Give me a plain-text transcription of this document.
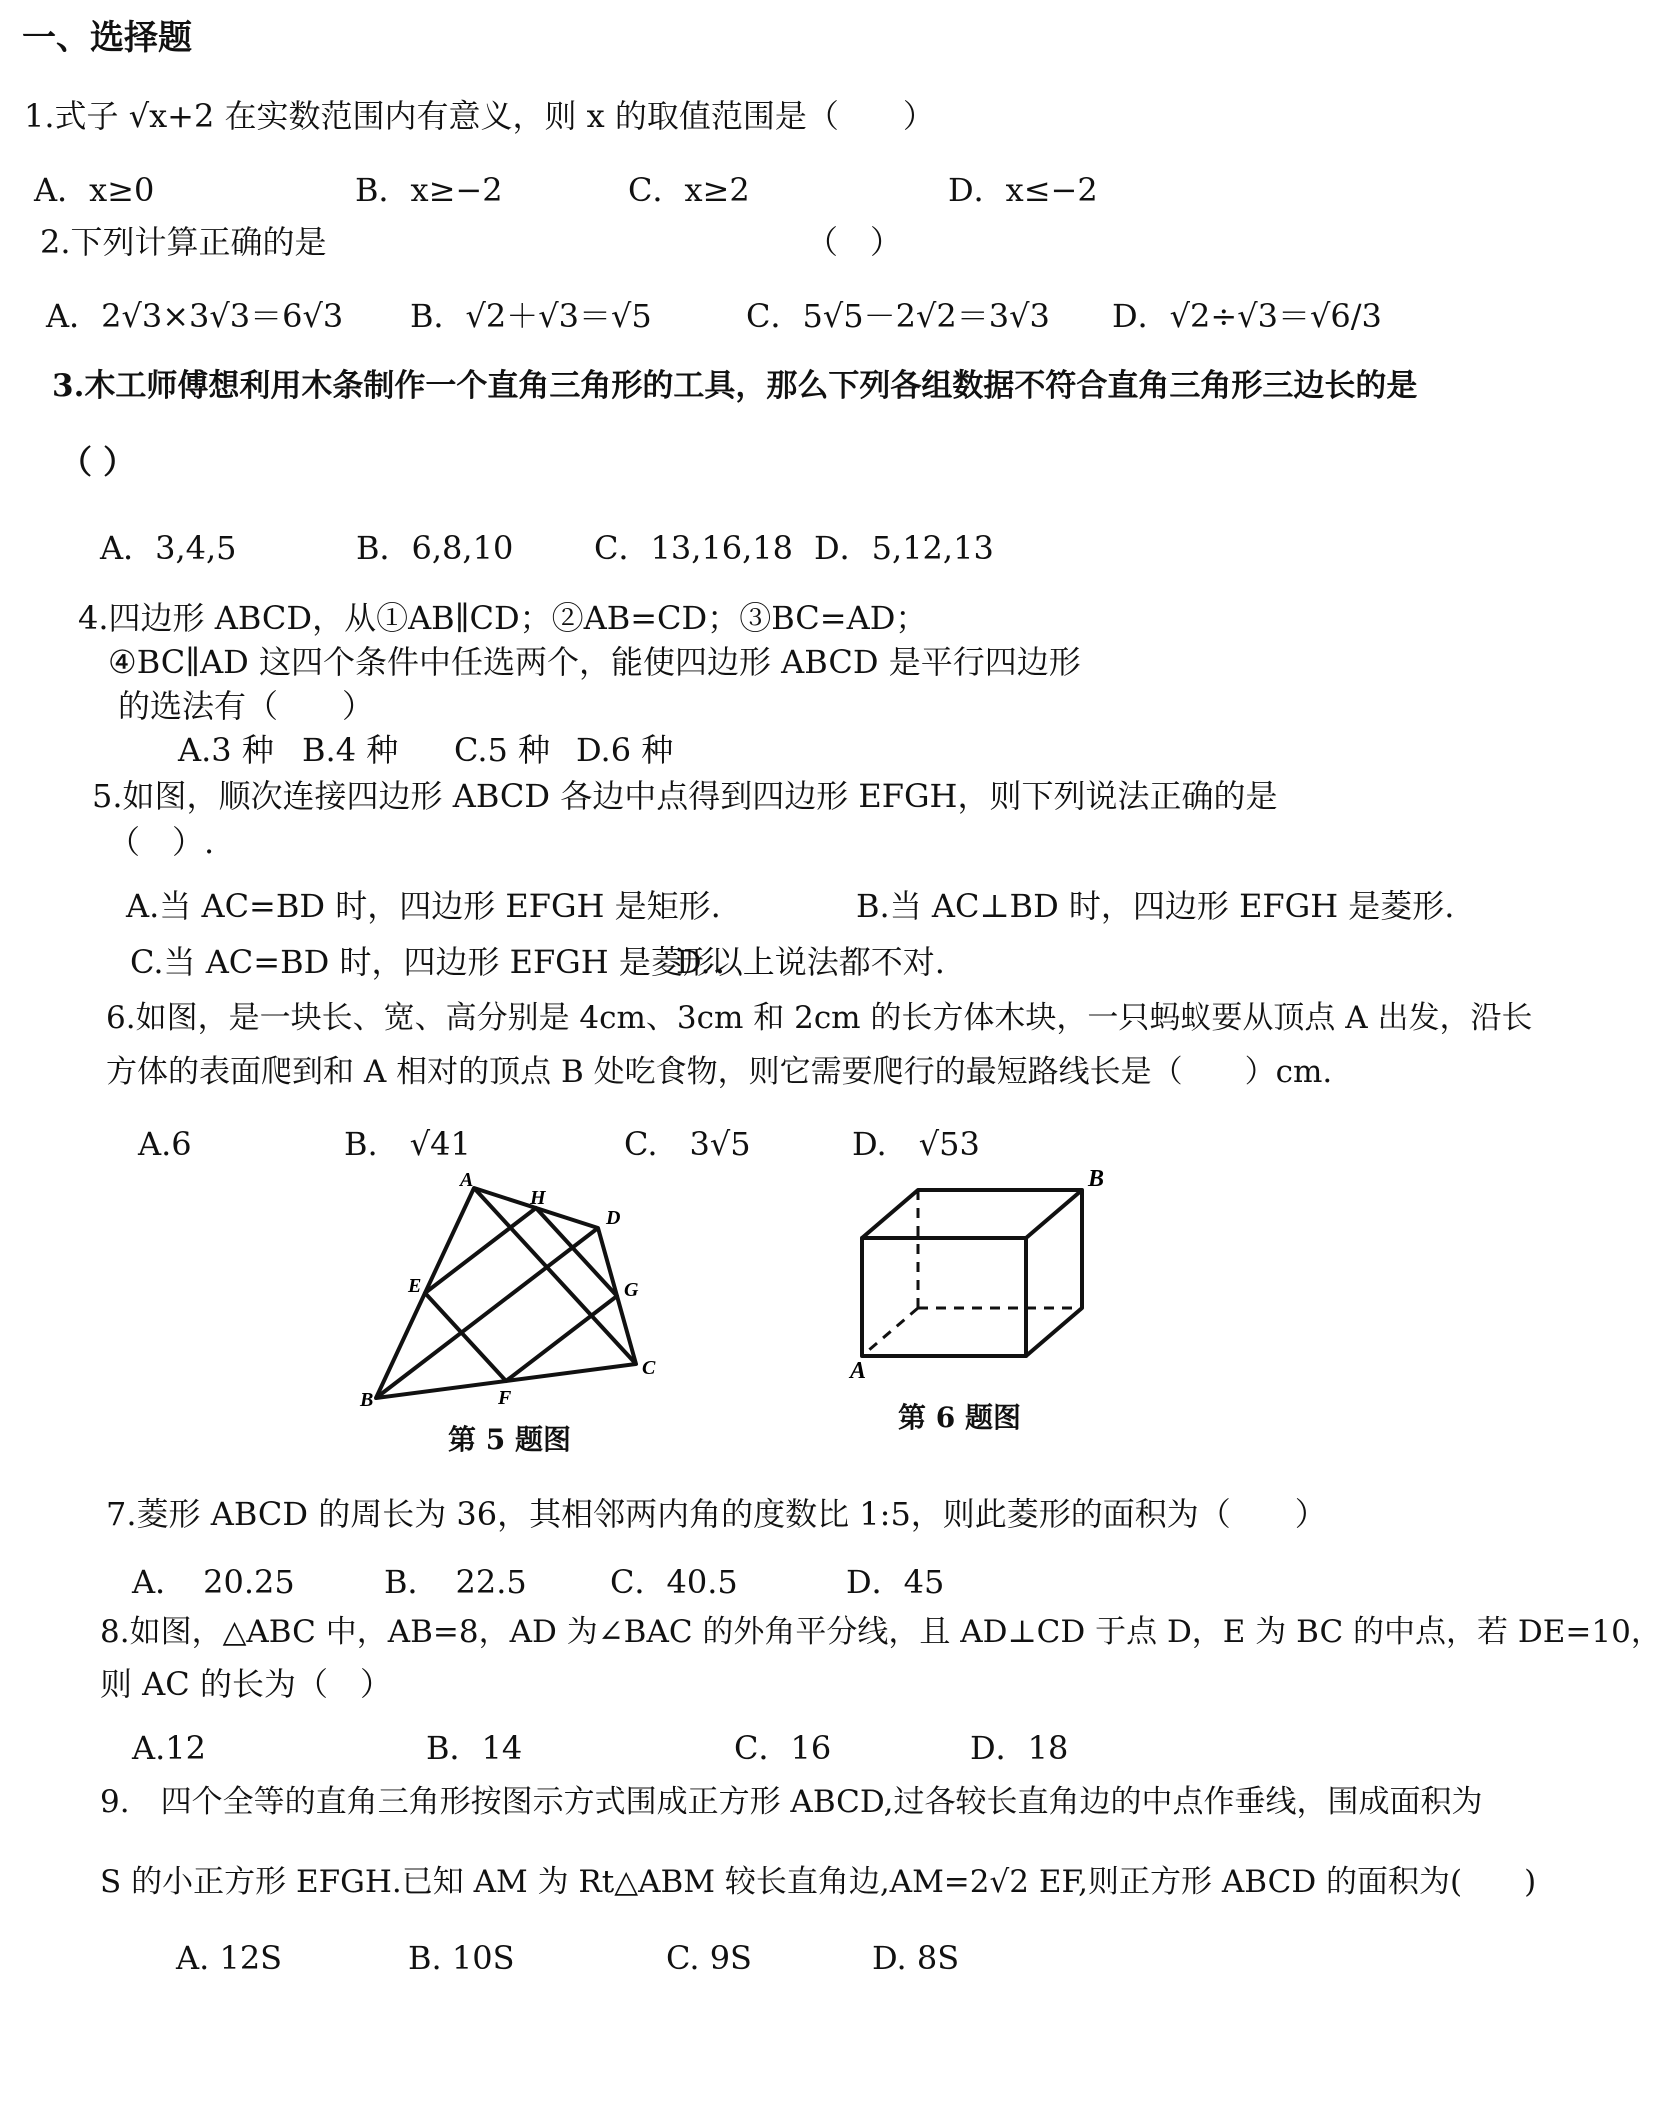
一、选择题
1.式子 √x+2 在实数范围内有意义，则 x 的取值范围是（　　）
A．x≥0	B．x≥−2	C．x≥2	D．x≤−2
2.下列计算正确的是	（　）
A．2√3×3√3＝6√3 B．√2＋√3＝√5	C．5√5－2√2＝3√3 D．√2÷√3＝√6/3
3.木工师傅想利用木条制作一个直角三角形的工具，那么下列各组数据不符合直角三角形三边长的是
（ ）
A．3,4,5	B．6,8,10	C．13,16,18 D．5,12,13
4.四边形 ABCD，从①AB∥CD；②AB=CD；③BC=AD；
④BC∥AD 这四个条件中任选两个，能使四边形 ABCD 是平行四边形
的选法有（　　）
A.3 种 B.4 种 C.5 种 D.6 种
5.如图，顺次连接四边形 ABCD 各边中点得到四边形 EFGH，则下列说法正确的是
（　）.
A.当 AC=BD 时，四边形 EFGH 是矩形.	B.当 AC⊥BD 时，四边形 EFGH 是菱形.
C.当 AC=BD 时，四边形 EFGH 是菱形.
D.以上说法都不对.
6.如图，是一块长、宽、高分别是 4cm、3cm 和 2cm 的长方体木块，一只蚂蚁要从顶点 A 出发，沿长
方体的表面爬到和 A 相对的顶点 B 处吃食物，则它需要爬行的最短路线长是（　　）cm.
A.6	B.　√41	C.　3√5	D.　√53
A
B
C
D
E
F
G
H
第 5 题图
A
B
第 6 题图
7.菱形 ABCD 的周长为 36，其相邻两内角的度数比 1:5，则此菱形的面积为（　　）
A．　20.25	B．　22.5	C．40.5	D．45
8.如图，△ABC 中，AB=8，AD 为∠BAC 的外角平分线，且 AD⊥CD 于点 D，E 为 BC 的中点，若 DE=10，
则 AC 的长为（　）
A.12	B．14	C．16	D．18
9.　四个全等的直角三角形按图示方式围成正方形 ABCD,过各较长直角边的中点作垂线，围成面积为
S 的小正方形 EFGH.已知 AM 为 Rt△ABM 较长直角边,AM=2√2 EF,则正方形 ABCD 的面积为(　　)
A. 12S	B. 10S	C. 9S	D. 8S
